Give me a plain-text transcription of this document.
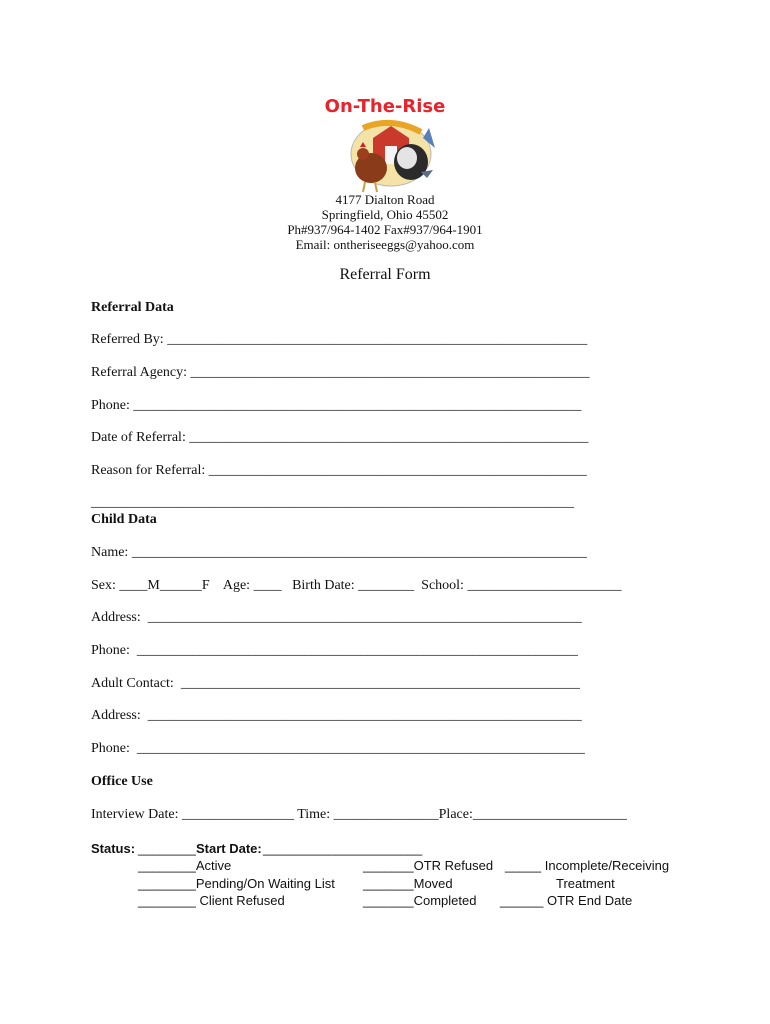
On-The-Rise
4177 Dialton Road
Springfield, Ohio 45502
Ph#937/964-1402 Fax#937/964-1901
Email: ontheriseeggs@yahoo.com
Referral Form
Referral Data
Referred By: ____________________________________________________________
Referral Agency: _________________________________________________________
Phone: ________________________________________________________________
Date of Referral: _________________________________________________________
Reason for Referral: ______________________________________________________
_____________________________________________________________________
Child Data
Name: _________________________________________________________________
Sex: ____M______F    Age: ____   Birth Date: ________  School: ______________________
Address:  ______________________________________________________________
Phone:  _______________________________________________________________
Adult Contact:  _________________________________________________________
Address:  ______________________________________________________________
Phone:  ________________________________________________________________
Office Use
Interview Date: ________________ Time: _______________Place:______________________
Status: ________ Start Date: ______________________
________Active
________Pending/On Waiting List
________ Client Refused
_______OTR Refused
_______Moved
_______Completed
_____ Incomplete/Receiving
Treatment
______ OTR End Date
